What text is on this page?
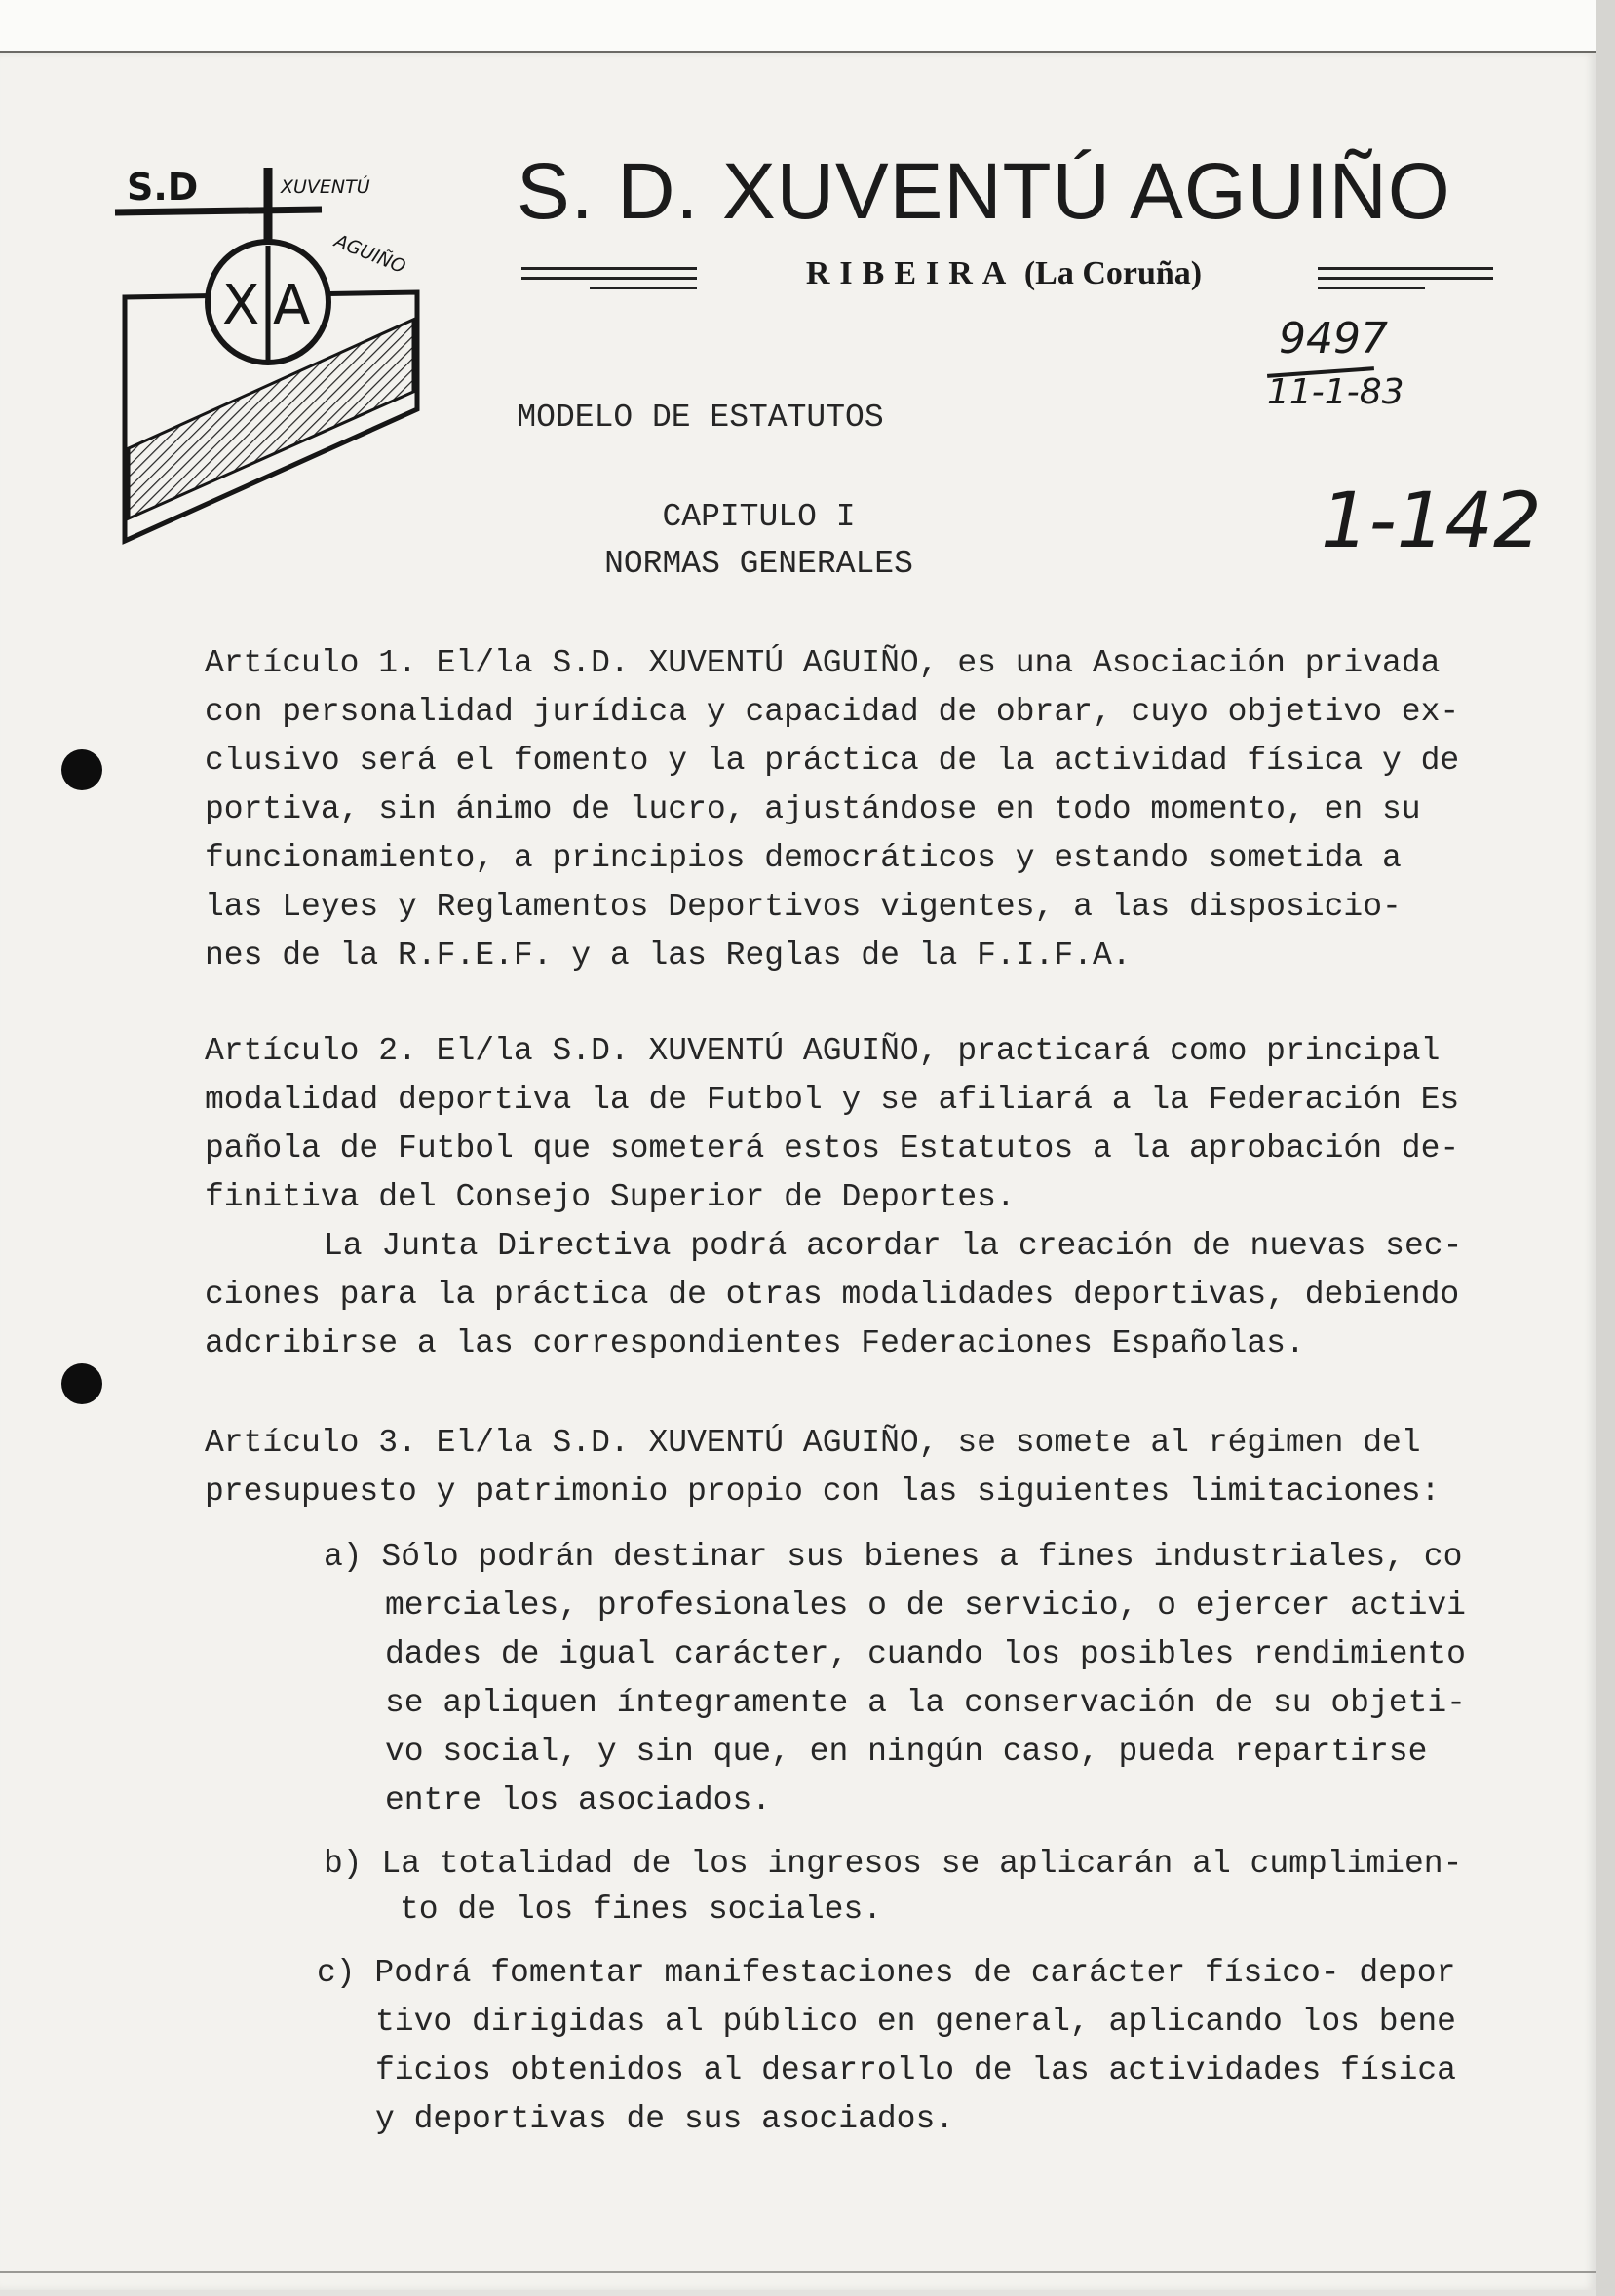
S.D	XUVENTÚ
AGUIÑO
X A
S. D. XUVENTÚ AGUIÑO
RIBEIRA (La Coruña)
9497
11-1-83
1-142
MODELO DE ESTATUTOS
CAPITULO I
NORMAS GENERALES
Artículo 1. El/la S.D. XUVENTÚ AGUIÑO, es una Asociación privada
con personalidad jurídica y capacidad de obrar, cuyo objetivo ex-
clusivo será el fomento y la práctica de la actividad física y de
portiva, sin ánimo de lucro, ajustándose en todo momento, en su
funcionamiento, a principios democráticos y estando sometida a
las Leyes y Reglamentos Deportivos vigentes, a las disposicio-
nes de la R.F.E.F. y a las Reglas de la F.I.F.A.
Artículo 2. El/la S.D. XUVENTÚ AGUIÑO, practicará como principal
modalidad deportiva la de Futbol y se afiliará a la Federación Es
pañola de Futbol que someterá estos Estatutos a la aprobación de-
finitiva del Consejo Superior de Deportes.
La Junta Directiva podrá acordar la creación de nuevas sec-
ciones para la práctica de otras modalidades deportivas, debiendo
adcribirse a las correspondientes Federaciones Españolas.
Artículo 3. El/la S.D. XUVENTÚ AGUIÑO, se somete al régimen del
presupuesto y patrimonio propio con las siguientes limitaciones:
a) Sólo podrán destinar sus bienes a fines industriales, co
merciales, profesionales o de servicio, o ejercer activi
dades de igual carácter, cuando los posibles rendimiento
se apliquen íntegramente a la conservación de su objeti-
vo social, y sin que, en ningún caso, pueda repartirse
entre los asociados.
b) La totalidad de los ingresos se aplicarán al cumplimien-
to de los fines sociales.
c) Podrá fomentar manifestaciones de carácter físico- depor
tivo dirigidas al público en general, aplicando los bene
ficios obtenidos al desarrollo de las actividades física
y deportivas de sus asociados.
